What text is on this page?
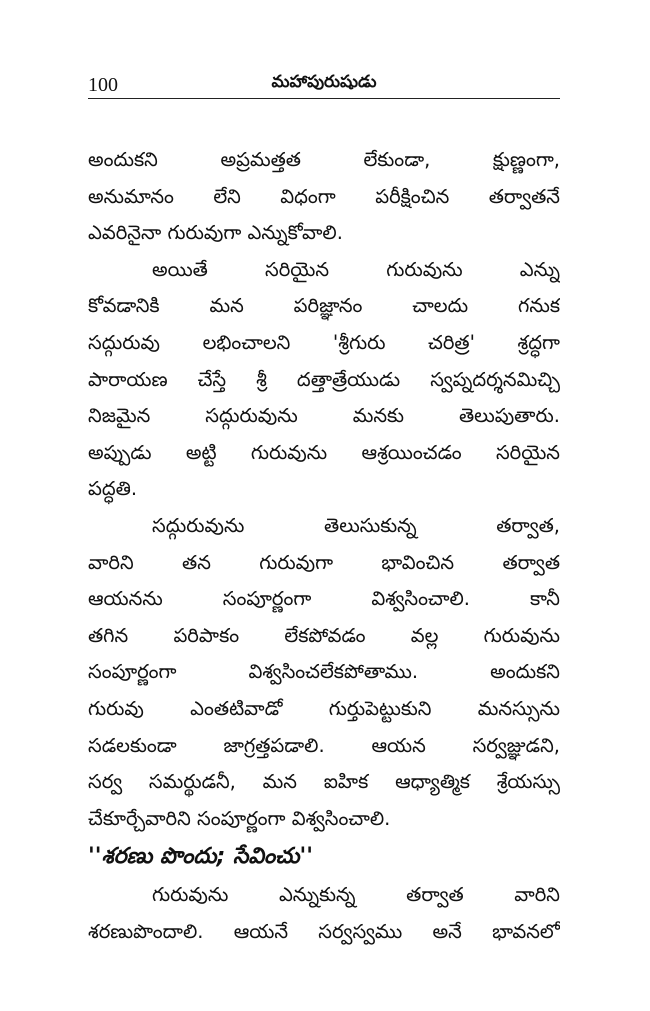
100	మహాపురుషుడు
అందుకని అప్రమత్తత లేకుండా, క్షుణ్ణంగా,
అనుమానం లేని విధంగా పరీక్షించిన తర్వాతనే
ఎవరినైనా గురువుగా ఎన్నుకోవాలి.
అయితే సరియైన గురువును ఎన్ను
కోవడానికి మన పరిజ్ఞానం చాలదు గనుక
సద్గురువు లభించాలని 'శ్రీగురు చరిత్ర' శ్రద్ధగా
పారాయణ చేస్తే శ్రీ దత్తాత్రేయుడు స్వప్నదర్శనమిచ్చి
నిజమైన సద్గురువును మనకు తెలుపుతారు.
అప్పుడు అట్టి గురువును ఆశ్రయించడం సరియైన
పద్ధతి.
సద్గురువును తెలుసుకున్న తర్వాత,
వారిని తన గురువుగా భావించిన తర్వాత
ఆయనను సంపూర్ణంగా విశ్వసించాలి. కానీ
తగిన పరిపాకం లేకపోవడం వల్ల గురువును
సంపూర్ణంగా విశ్వసించలేకపోతాము. అందుకని
గురువు ఎంతటివాడో గుర్తుపెట్టుకుని మనస్సును
సడలకుండా జాగ్రత్తపడాలి. ఆయన సర్వజ్ఞుడని,
సర్వ సమర్థుడనీ, మన ఐహిక ఆధ్యాత్మిక శ్రేయస్సు
చేకూర్చేవారిని సంపూర్ణంగా విశ్వసించాలి.
''శరణు పొందు; సేవించు''
గురువును ఎన్నుకున్న తర్వాత వారిని
శరణుపొందాలి. ఆయనే సర్వస్వము అనే భావనలో
